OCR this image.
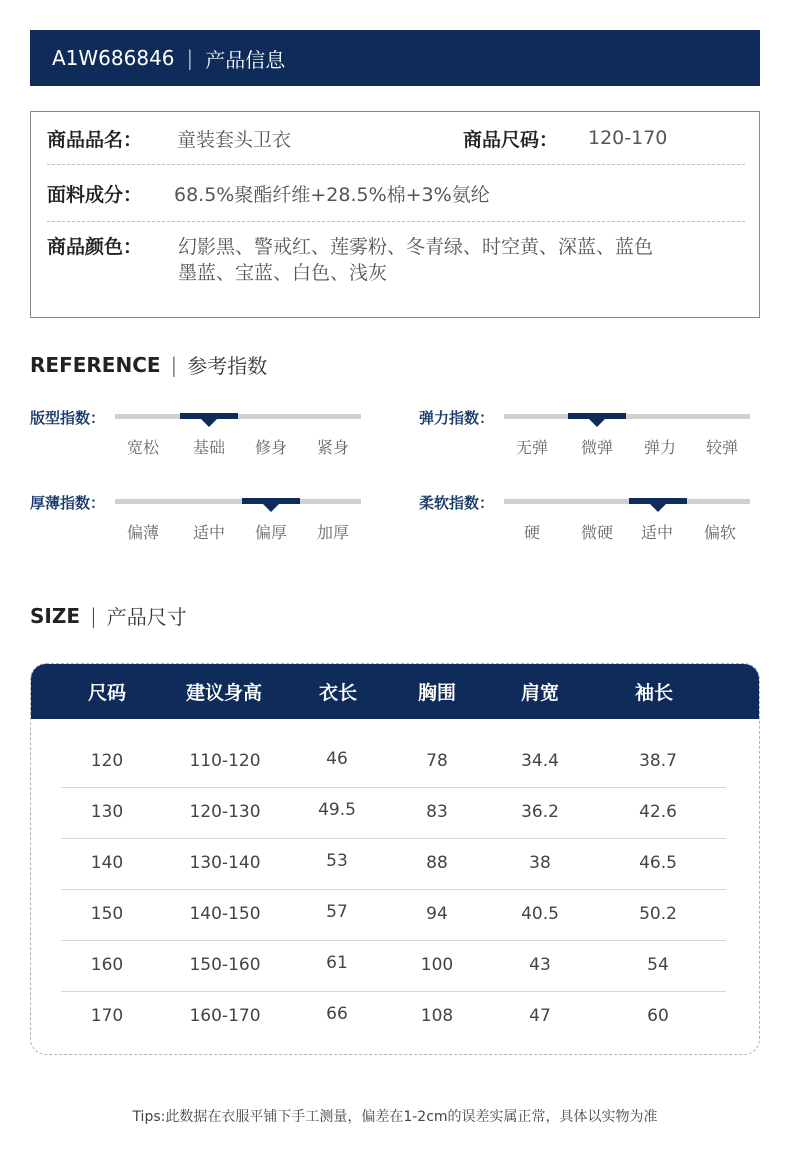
A1W686846 | 产品信息
商品品名： 童装套头卫衣	商品尺码： 120-170
面料成分： 68.5%聚酯纤维+28.5%棉+3%氨纶
商品颜色： 幻影黑、警戒红、莲雾粉、冬青绿、时空黄、深蓝、蓝色
墨蓝、宝蓝、白色、浅灰
REFERENCE | 参考指数
版型指数：
宽松 基础 修身 紧身
弹力指数：
无弹 微弹 弹力 较弹
厚薄指数：
偏薄 适中 偏厚 加厚
柔软指数：
硬	微硬 适中 偏软
SIZE | 产品尺寸
尺码	建议身高	衣长	胸围	肩宽	袖长
120	110-120	46	78	34.4	38.7
130	120-130	49.5	83	36.2	42.6
140	130-140	53	88	38	46.5
150	140-150	57	94	40.5	50.2
160	150-160	61	100	43	54
170	160-170	66	108	47	60
Tips:此数据在衣服平铺下手工测量，偏差在1-2cm的误差实属正常，具体以实物为准
